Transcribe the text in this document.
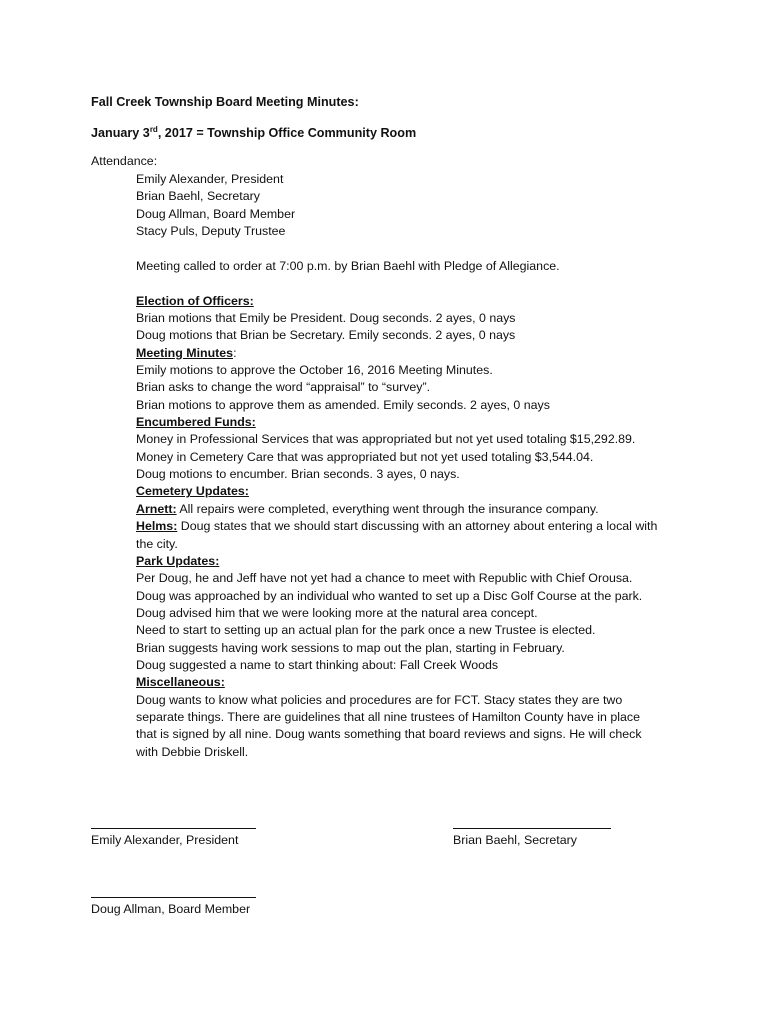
Fall Creek Township Board Meeting Minutes:
January 3rd, 2017 = Township Office Community Room
Attendance:
Emily Alexander, President
Brian Baehl, Secretary
Doug Allman, Board Member
Stacy Puls, Deputy Trustee
Meeting called to order at 7:00 p.m. by Brian Baehl with Pledge of Allegiance.

Election of Officers:
Brian motions that Emily be President. Doug seconds. 2 ayes, 0 nays
Doug motions that Brian be Secretary. Emily seconds. 2 ayes, 0 nays
Meeting Minutes:
Emily motions to approve the October 16, 2016 Meeting Minutes.
Brian asks to change the word “appraisal” to “survey”.
Brian motions to approve them as amended. Emily seconds. 2 ayes, 0 nays
Encumbered Funds:
Money in Professional Services that was appropriated but not yet used totaling $15,292.89.
Money in Cemetery Care that was appropriated but not yet used totaling $3,544.04.
Doug motions to encumber. Brian seconds. 3 ayes, 0 nays.
Cemetery Updates:
Arnett: All repairs were completed, everything went through the insurance company.
Helms: Doug states that we should start discussing with an attorney about entering a local with
the city.
Park Updates:
Per Doug, he and Jeff have not yet had a chance to meet with Republic with Chief Orousa.
Doug was approached by an individual who wanted to set up a Disc Golf Course at the park.
Doug advised him that we were looking more at the natural area concept.
Need to start to setting up an actual plan for the park once a new Trustee is elected.
Brian suggests having work sessions to map out the plan, starting in February.
Doug suggested a name to start thinking about: Fall Creek Woods
Miscellaneous:
Doug wants to know what policies and procedures are for FCT. Stacy states they are two
separate things. There are guidelines that all nine trustees of Hamilton County have in place
that is signed by all nine. Doug wants something that board reviews and signs. He will check
with Debbie Driskell.
Emily Alexander, President	Brian Baehl, Secretary
Doug Allman, Board Member
